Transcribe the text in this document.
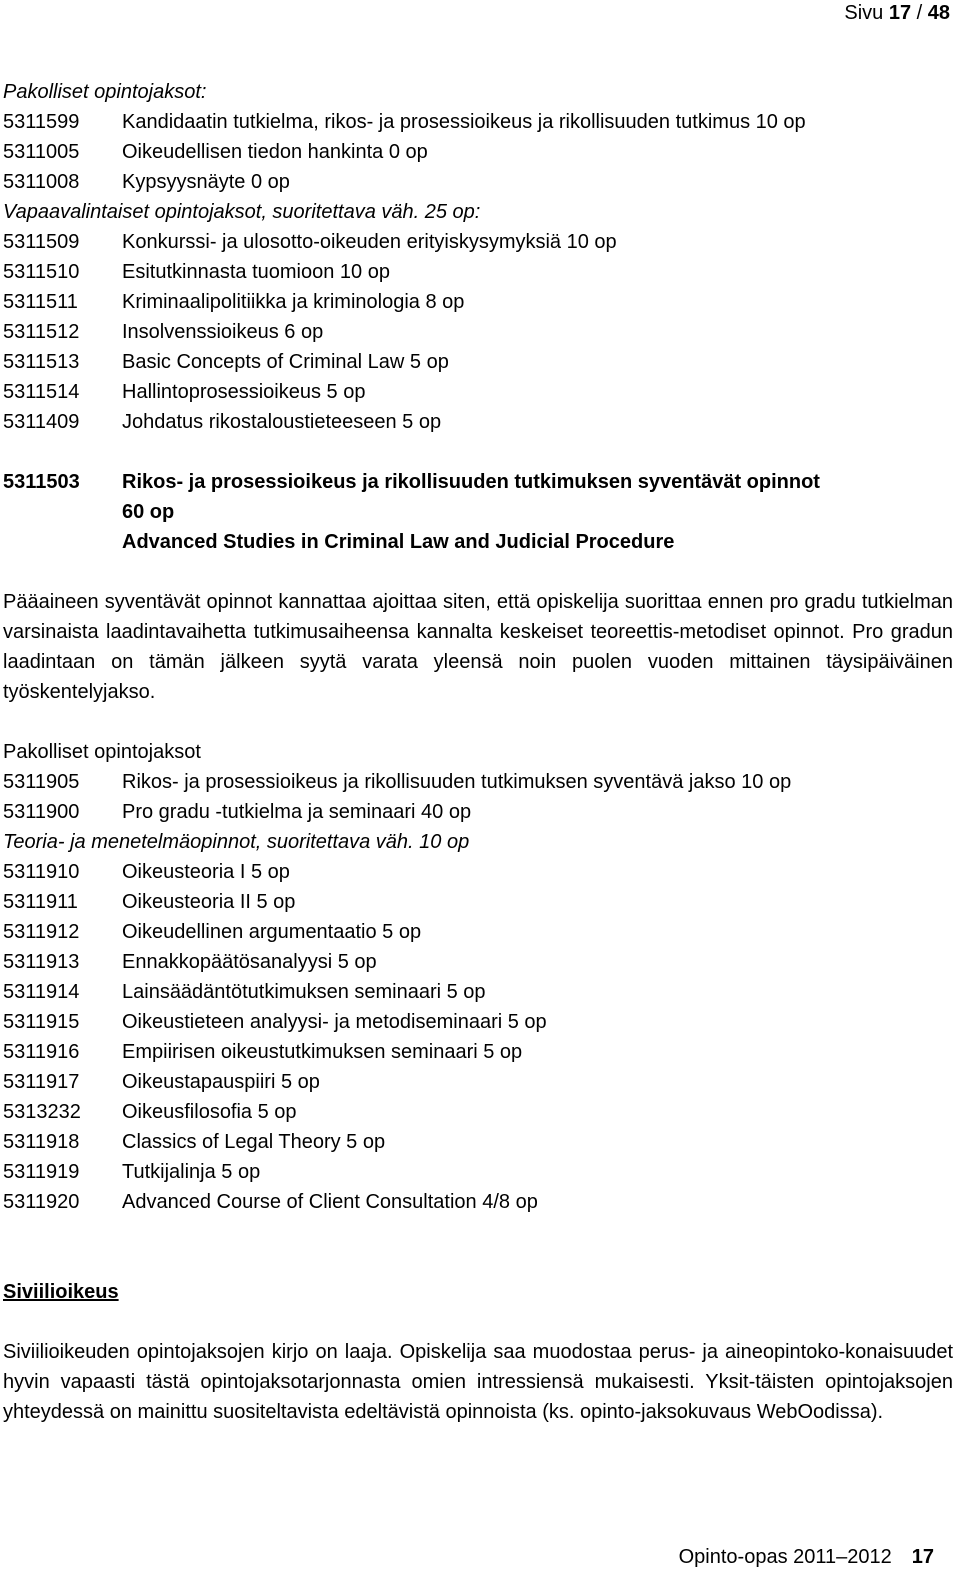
Sivu 17 / 48
Pakolliset opintojaksot:
5311599	Kandidaatin tutkielma, rikos- ja prosessioikeus ja rikollisuuden tutkimus 10 op
5311005	Oikeudellisen tiedon hankinta 0 op
5311008	Kypsyysnäyte 0 op
Vapaavalintaiset opintojaksot, suoritettava väh. 25 op:
5311509	Konkurssi- ja ulosotto-oikeuden erityiskysymyksiä 10 op
5311510	Esitutkinnasta tuomioon 10 op
5311511	Kriminaalipolitiikka ja kriminologia 8 op
5311512	Insolvenssioikeus 6 op
5311513	Basic Concepts of Criminal Law 5 op
5311514	Hallintoprosessioikeus 5 op
5311409	Johdatus rikostaloustieteeseen 5 op
5311503	Rikos- ja prosessioikeus ja rikollisuuden tutkimuksen syventävät opinnot
60 op
Advanced Studies in Criminal Law and Judicial Procedure

Pääaineen syventävät opinnot kannattaa ajoittaa siten, että opiskelija suorittaa ennen pro gradu tutkielman varsinaista laadintavaihetta tutkimusaiheensa kannalta keskeiset teoreettis-metodiset opinnot. Pro gradun laadintaan on tämän jälkeen syytä varata yleensä noin puolen vuoden mittainen täysipäiväinen työskentelyjakso.

Pakolliset opintojaksot
5311905	Rikos- ja prosessioikeus ja rikollisuuden tutkimuksen syventävä jakso 10 op
5311900	Pro gradu -tutkielma ja seminaari 40 op
Teoria- ja menetelmäopinnot, suoritettava väh. 10 op
5311910	Oikeusteoria I 5 op
5311911	Oikeusteoria II 5 op
5311912	Oikeudellinen argumentaatio 5 op
5311913	Ennakkopäätösanalyysi 5 op
5311914	Lainsäädäntötutkimuksen seminaari 5 op
5311915	Oikeustieteen analyysi- ja metodiseminaari 5 op
5311916	Empiirisen oikeustutkimuksen seminaari 5 op
5311917	Oikeustapauspiiri 5 op
5313232	Oikeusfilosofia 5 op
5311918	Classics of Legal Theory 5 op
5311919	Tutkijalinja 5 op
5311920	Advanced Course of Client Consultation 4/8 op
Siviilioikeus

Siviilioikeuden opintojaksojen kirjo on laaja. Opiskelija saa muodostaa perus- ja aineopintoko-konaisuudet hyvin vapaasti tästä opintojaksotarjonnasta omien intressiensä mukaisesti. Yksit-täisten opintojaksojen yhteydessä on mainittu suositeltavista edeltävistä opinnoista (ks. opinto-jaksokuvaus WebOodissa).

Opinto-opas 2011–2012 17
